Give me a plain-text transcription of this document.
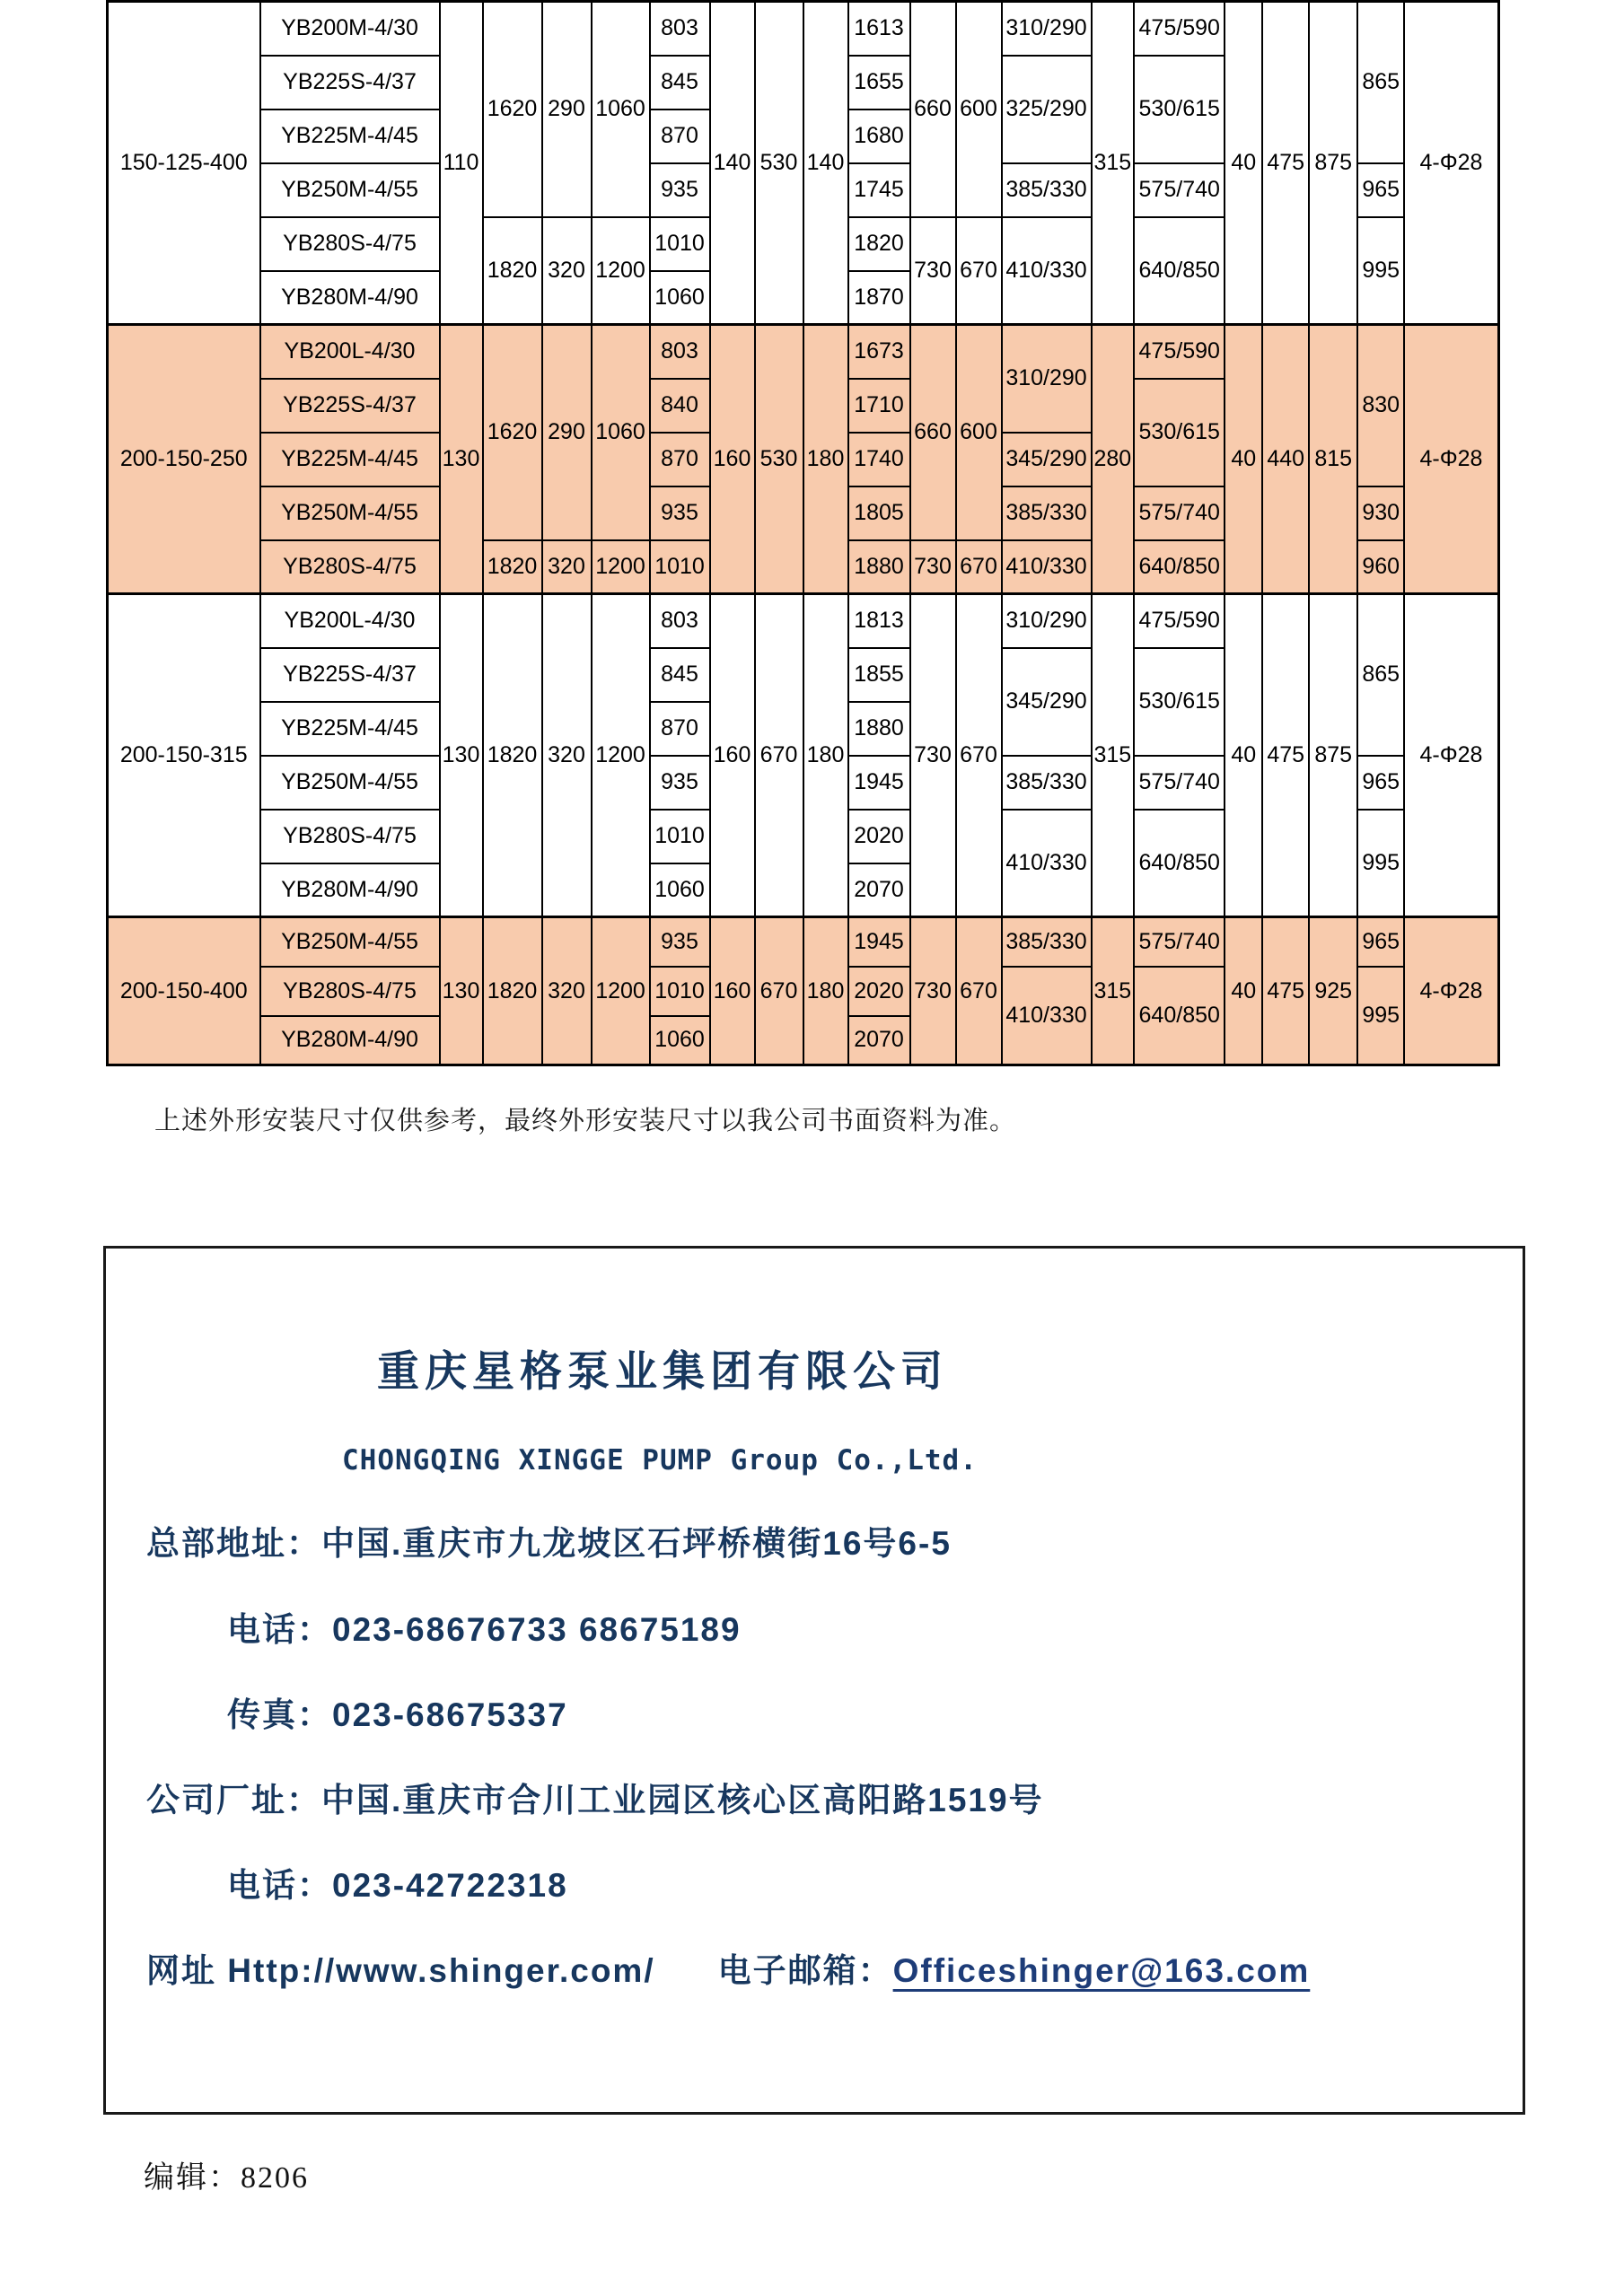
150-125-400	YB200M-4/30	110	1620	290	1060	803	140	530	140	1613	660	600	310/290	315	475/590	40	475	875	865	4-Φ28
	YB225S-4/37					845				1655			325/290		530/615					
	YB225M-4/45					870				1680										
	YB250M-4/55					935				1745			385/330		575/740				965	
	YB280S-4/75		1820	320	1200	1010				1820	730	670	410/330		640/850				995	
	YB280M-4/90					1060				1870										
200-150-250	YB200L-4/30	130	1620	290	1060	803	160	530	180	1673	660	600	310/290	280	475/590	40	440	815	830	4-Φ28
	YB225S-4/37					840				1710					530/615					
	YB225M-4/45					870				1740			345/290							
	YB250M-4/55					935				1805			385/330		575/740				930	
	YB280S-4/75		1820	320	1200	1010				1880	730	670	410/330		640/850				960	
200-150-315	YB200L-4/30	130	1820	320	1200	803	160	670	180	1813	730	670	310/290	315	475/590	40	475	875	865	4-Φ28
	YB225S-4/37					845				1855			345/290		530/615					
	YB225M-4/45					870				1880										
	YB250M-4/55					935				1945			385/330		575/740				965	
	YB280S-4/75					1010				2020			410/330		640/850				995	
	YB280M-4/90					1060				2070										
200-150-400	YB250M-4/55	130	1820	320	1200	935	160	670	180	1945	730	670	385/330	315	575/740	40	475	925	965	4-Φ28
	YB280S-4/75					1010				2020			410/330		640/850				995	
	YB280M-4/90					1060				2070										
上述外形安装尺寸仅供参考，最终外形安装尺寸以我公司书面资料为准。
重庆星格泵业集团有限公司
CHONGQING XINGGE PUMP Group Co.,Ltd.
总部地址：中国.重庆市九龙坡区石坪桥横街16号6-5
电话：023-68676733 68675189
传真：023-68675337
公司厂址：中国.重庆市合川工业园区核心区高阳路1519号
电话：023-42722318
网址 Http://www.shinger.com/ 电子邮箱：Officeshinger@163.com
编辑：8206
